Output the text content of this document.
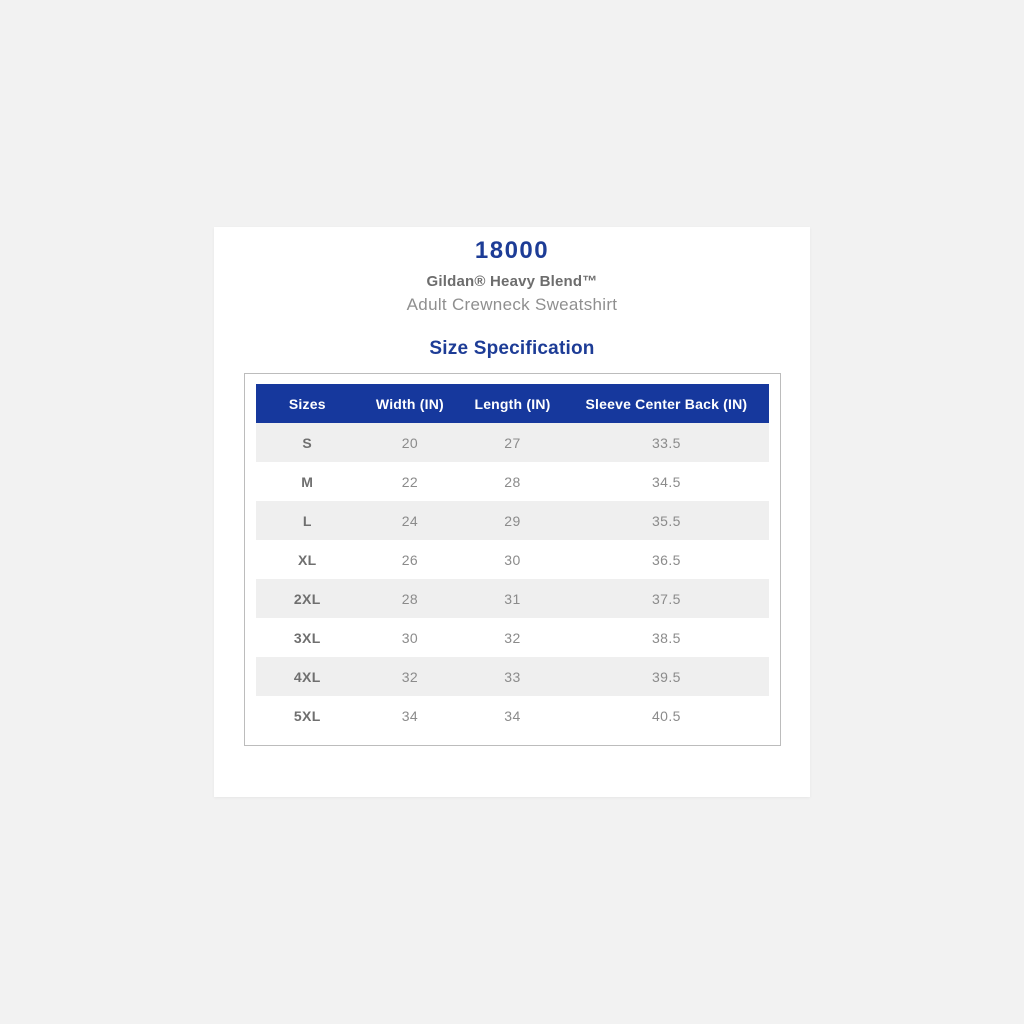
18000

Gildan® Heavy Blend™

Adult Crewneck Sweatshirt

Size Specification
Sizes	Width (IN)	Length (IN)	Sleeve Center Back (IN)
S	20	27	33.5
M	22	28	34.5
L	24	29	35.5
XL	26	30	36.5
2XL	28	31	37.5
3XL	30	32	38.5
4XL	32	33	39.5
5XL	34	34	40.5
